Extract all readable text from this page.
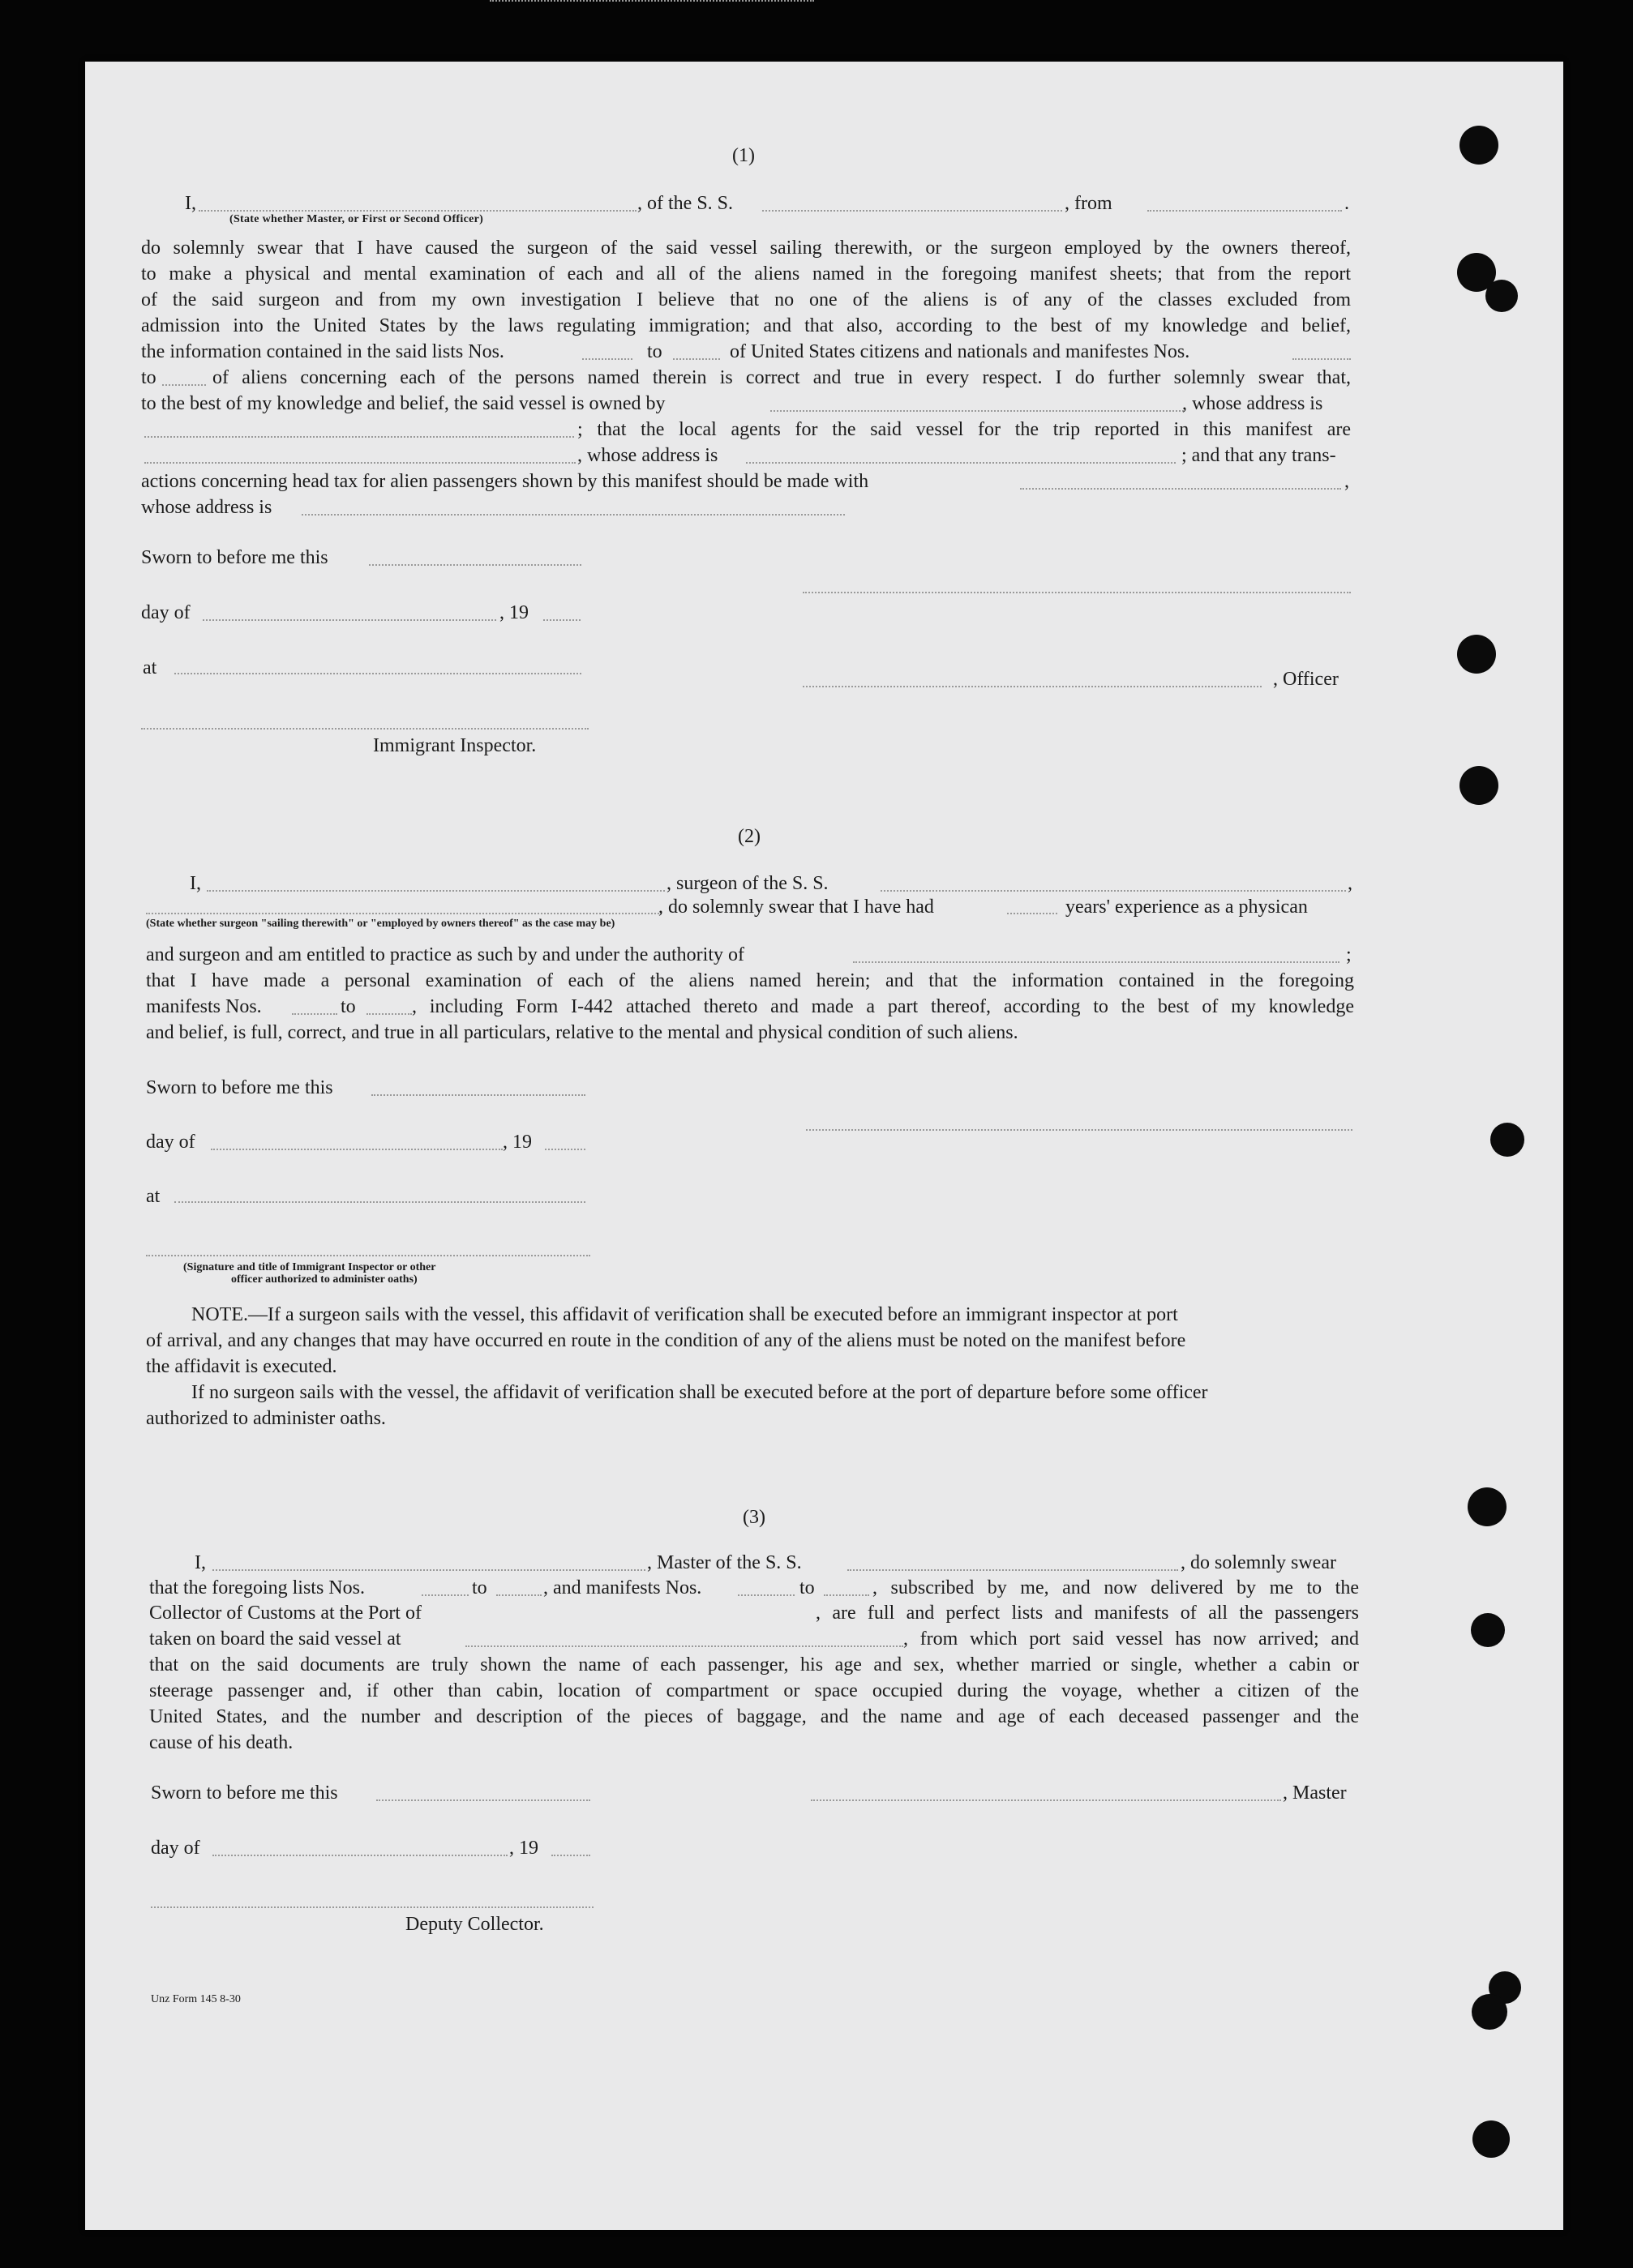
(1)
I,	, of the S. S.	, from	.
(State whether Master, or First or Second Officer)
do solemnly swear that I have caused the surgeon of the said vessel sailing therewith, or the surgeon employed by the owners thereof,
to make a physical and mental examination of each and all of the aliens named in the foregoing manifest sheets; that from the report
of the said surgeon and from my own investigation I believe that no one of the aliens is of any of the classes excluded from
admission into the United States by the laws regulating immigration; and that also, according to the best of my knowledge and belief,
the information contained in the said lists Nos.	to	of United States citizens and nationals and manifestes Nos.
to	of aliens concerning each of the persons named therein is correct and true in every respect. I do further solemnly swear that,
to the best of my knowledge and belief, the said vessel is owned by	, whose address is
; that the local agents for the said vessel for the trip reported in this manifest are
, whose address is	; and that any trans-
actions concerning head tax for alien passengers shown by this manifest should be made with	,
whose address is
Sworn to before me this
day of	, 19
at
, Officer
Immigrant Inspector.
(2)
I,	, surgeon of the S. S.	,
, do solemnly swear that I have had	years' experience as a physican
(State whether surgeon "sailing therewith" or "employed by owners thereof" as the case may be)
and surgeon and am entitled to practice as such by and under the authority of	;
that I have made a personal examination of each of the aliens named herein; and that the information contained in the foregoing
manifests Nos.	to	, including Form I-442 attached thereto and made a part thereof, according to the best of my knowledge
and belief, is full, correct, and true in all particulars, relative to the mental and physical condition of such aliens.
Sworn to before me this
day of	, 19
at
(Signature and title of Immigrant Inspector or other
officer authorized to administer oaths)
NOTE.—If a surgeon sails with the vessel, this affidavit of verification shall be executed before an immigrant inspector at port
of arrival, and any changes that may have occurred en route in the condition of any of the aliens must be noted on the manifest before
the affidavit is executed.
If no surgeon sails with the vessel, the affidavit of verification shall be executed before at the port of departure before some officer
authorized to administer oaths.
(3)
I,	, Master of the S. S.	, do solemnly swear
that the foregoing lists Nos.	to	, and manifests Nos.	to	, subscribed by me, and now delivered by me to the
Collector of Customs at the Port of	, are full and perfect lists and manifests of all the passengers
taken on board the said vessel at	, from which port said vessel has now arrived; and
that on the said documents are truly shown the name of each passenger, his age and sex, whether married or single, whether a cabin or
steerage passenger and, if other than cabin, location of compartment or space occupied during the voyage, whether a citizen of the
United States, and the number and description of the pieces of baggage, and the name and age of each deceased passenger and the
cause of his death.
Sworn to before me this	, Master
day of	, 19
Deputy Collector.
Unz Form 145 8-30
